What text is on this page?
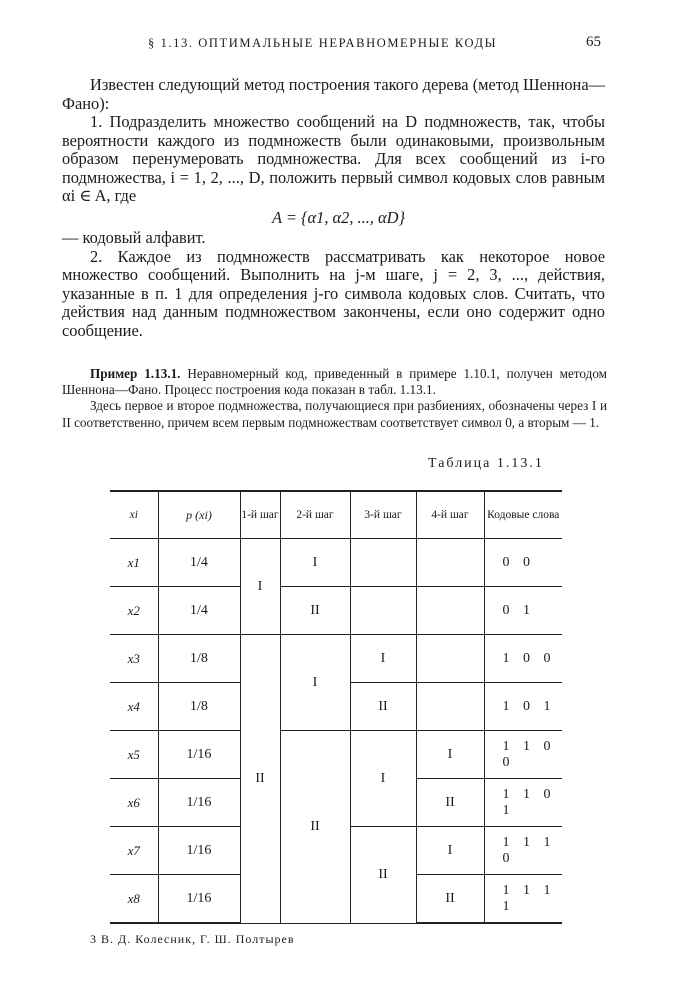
§ 1.13. ОПТИМАЛЬНЫЕ НЕРАВНОМЕРНЫЕ КОДЫ	65

Известен следующий метод построения такого дерева (метод Шеннона—Фано):

1. Подразделить множество сообщений на D подмножеств, так, чтобы вероятности каждого из подмножеств были одинаковыми, произвольным образом перенумеровать подмножества. Для всех сообщений из i-го подмножества, i = 1, 2, ..., D, положить первый символ кодовых слов равным αi ∈ A, где

A = {α1, α2, ..., αD}

— кодовый алфавит.

2. Каждое из подмножеств рассматривать как некоторое новое множество сообщений. Выполнить на j-м шаге, j = 2, 3, ..., действия, указанные в п. 1 для определения j-го символа кодовых слов. Считать, что действия над данным подмножеством закончены, если оно содержит одно сообщение.

Пример 1.13.1. Неравномерный код, приведенный в примере 1.10.1, получен методом Шеннона—Фано. Процесс построения кода показан в табл. 1.13.1.

Здесь первое и второе подмножества, получающиеся при разбиениях, обозначены через I и II соответственно, причем всем первым подмножествам соответствует символ 0, а вторым — 1.

Таблица 1.13.1
xi	p (xi)	1-й шаг	2-й шаг	3-й шаг	4-й шаг	Кодовые слова
x1	1/4	I	I			0 0
x2	1/4		II			0 1
x3	1/8	II	I	I		1 0 0
x4	1/8			II		1 0 1
x5	1/16		II	I	I	1 1 0 0
x6	1/16				II	1 1 0 1
x7	1/16			II	I	1 1 1 0
x8	1/16				II	1 1 1 1
3 В. Д. Колесник, Г. Ш. Полтырев
